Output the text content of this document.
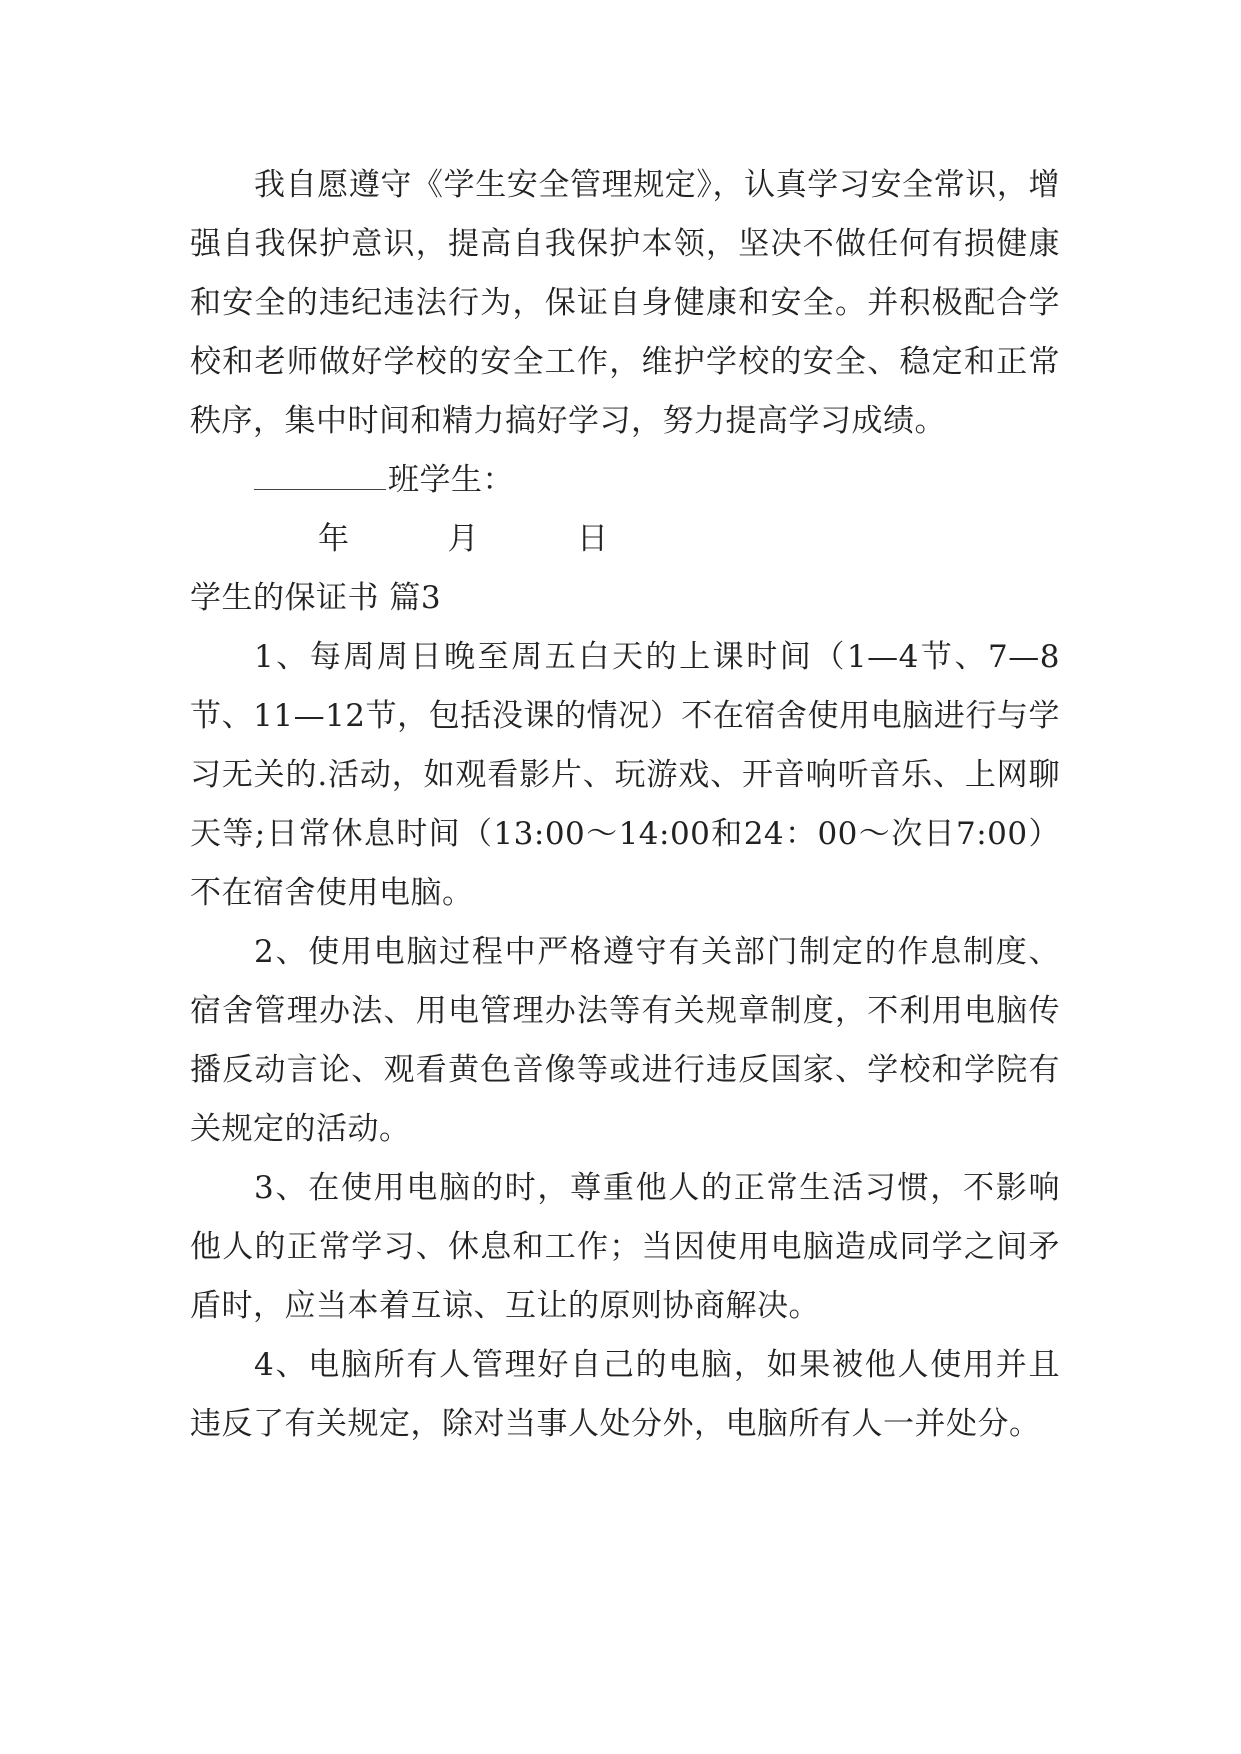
我自愿遵守《学生安全管理规定》，认真学习安全常识，增强自我保护意识，提高自我保护本领，坚决不做任何有损健康和安全的违纪违法行为，保证自身健康和安全。并积极配合学校和老师做好学校的安全工作，维护学校的安全、稳定和正常秩序，集中时间和精力搞好学习，努力提高学习成绩。

班学生：

年	月	日

学生的保证书 篇3

1、每周周日晚至周五白天的上课时间（1—4节、7—8节、11—12节，包括没课的情况）不在宿舍使用电脑进行与学习无关的.活动，如观看影片、玩游戏、开音响听音乐、上网聊天等;日常休息时间（13:00～14:00和24：00～次日7:00）不在宿舍使用电脑。

2、使用电脑过程中严格遵守有关部门制定的作息制度、宿舍管理办法、用电管理办法等有关规章制度，不利用电脑传播反动言论、观看黄色音像等或进行违反国家、学校和学院有关规定的活动。

3、在使用电脑的时，尊重他人的正常生活习惯，不影响他人的正常学习、休息和工作；当因使用电脑造成同学之间矛盾时，应当本着互谅、互让的原则协商解决。

4、电脑所有人管理好自己的电脑，如果被他人使用并且违反了有关规定，除对当事人处分外，电脑所有人一并处分。
